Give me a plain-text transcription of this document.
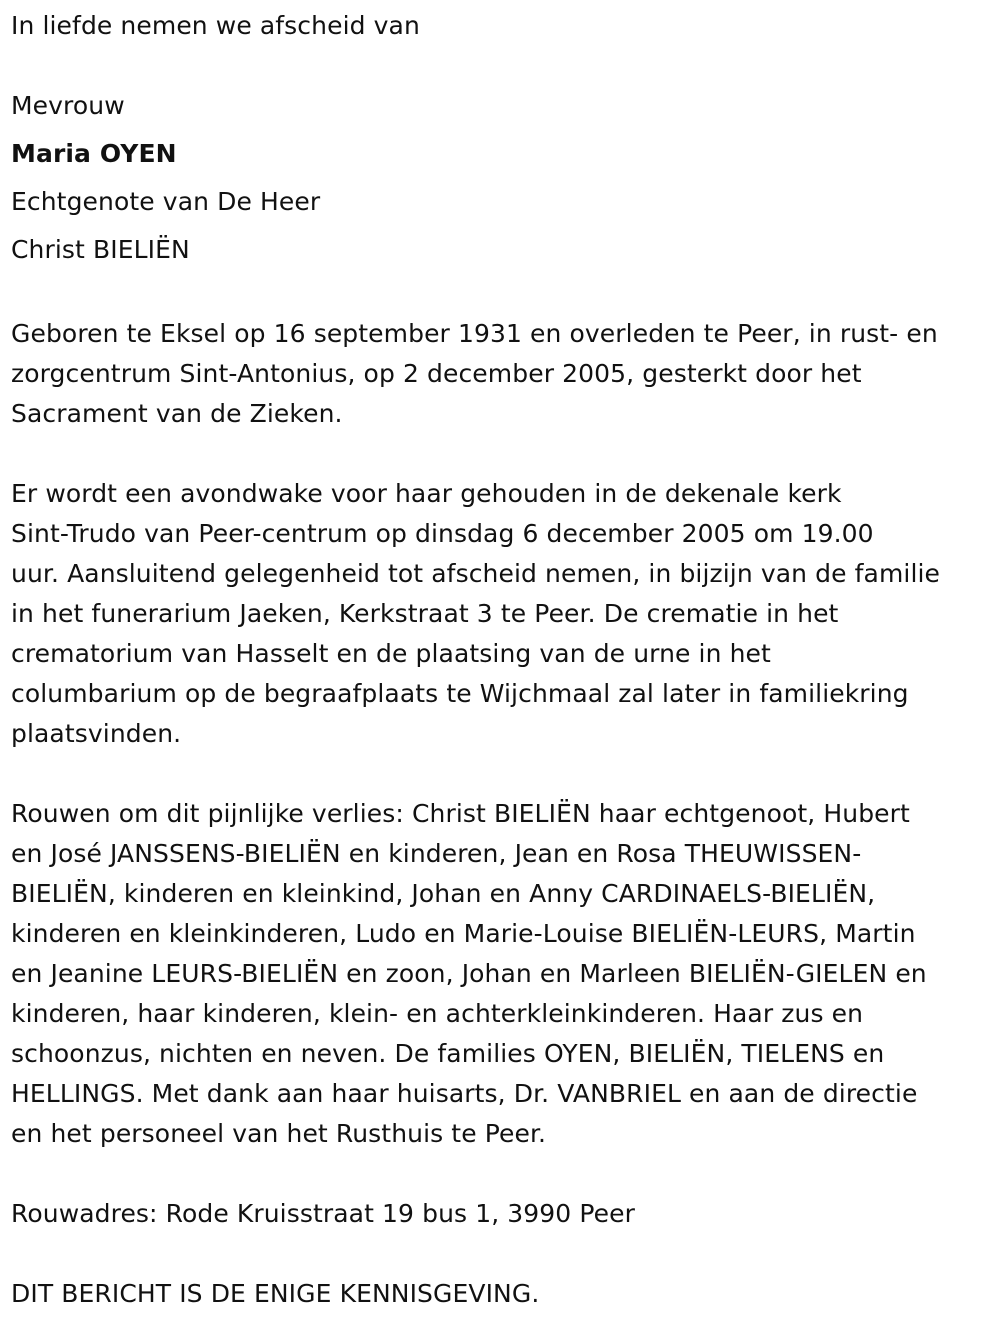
In liefde nemen we afscheid van
Mevrouw
Maria OYEN
Echtgenote van De Heer
Christ BIELIËN
Geboren te Eksel op 16 september 1931 en overleden te Peer, in rust- en
zorgcentrum Sint-Antonius, op 2 december 2005, gesterkt door het
Sacrament van de Zieken.
Er wordt een avondwake voor haar gehouden in de dekenale kerk
Sint-Trudo van Peer-centrum op dinsdag 6 december 2005 om 19.00
uur. Aansluitend gelegenheid tot afscheid nemen, in bijzijn van de familie
in het funerarium Jaeken, Kerkstraat 3 te Peer. De crematie in het
crematorium van Hasselt en de plaatsing van de urne in het
columbarium op de begraafplaats te Wijchmaal zal later in familiekring
plaatsvinden.
Rouwen om dit pijnlijke verlies: Christ BIELIËN haar echtgenoot, Hubert
en José JANSSENS-BIELIËN en kinderen, Jean en Rosa THEUWISSEN-
BIELIËN, kinderen en kleinkind, Johan en Anny CARDINAELS-BIELIËN,
kinderen en kleinkinderen, Ludo en Marie-Louise BIELIËN-LEURS, Martin
en Jeanine LEURS-BIELIËN en zoon, Johan en Marleen BIELIËN-GIELEN en
kinderen, haar kinderen, klein- en achterkleinkinderen. Haar zus en
schoonzus, nichten en neven. De families OYEN, BIELIËN, TIELENS en
HELLINGS. Met dank aan haar huisarts, Dr. VANBRIEL en aan de directie
en het personeel van het Rusthuis te Peer.
Rouwadres: Rode Kruisstraat 19 bus 1, 3990 Peer
DIT BERICHT IS DE ENIGE KENNISGEVING.
